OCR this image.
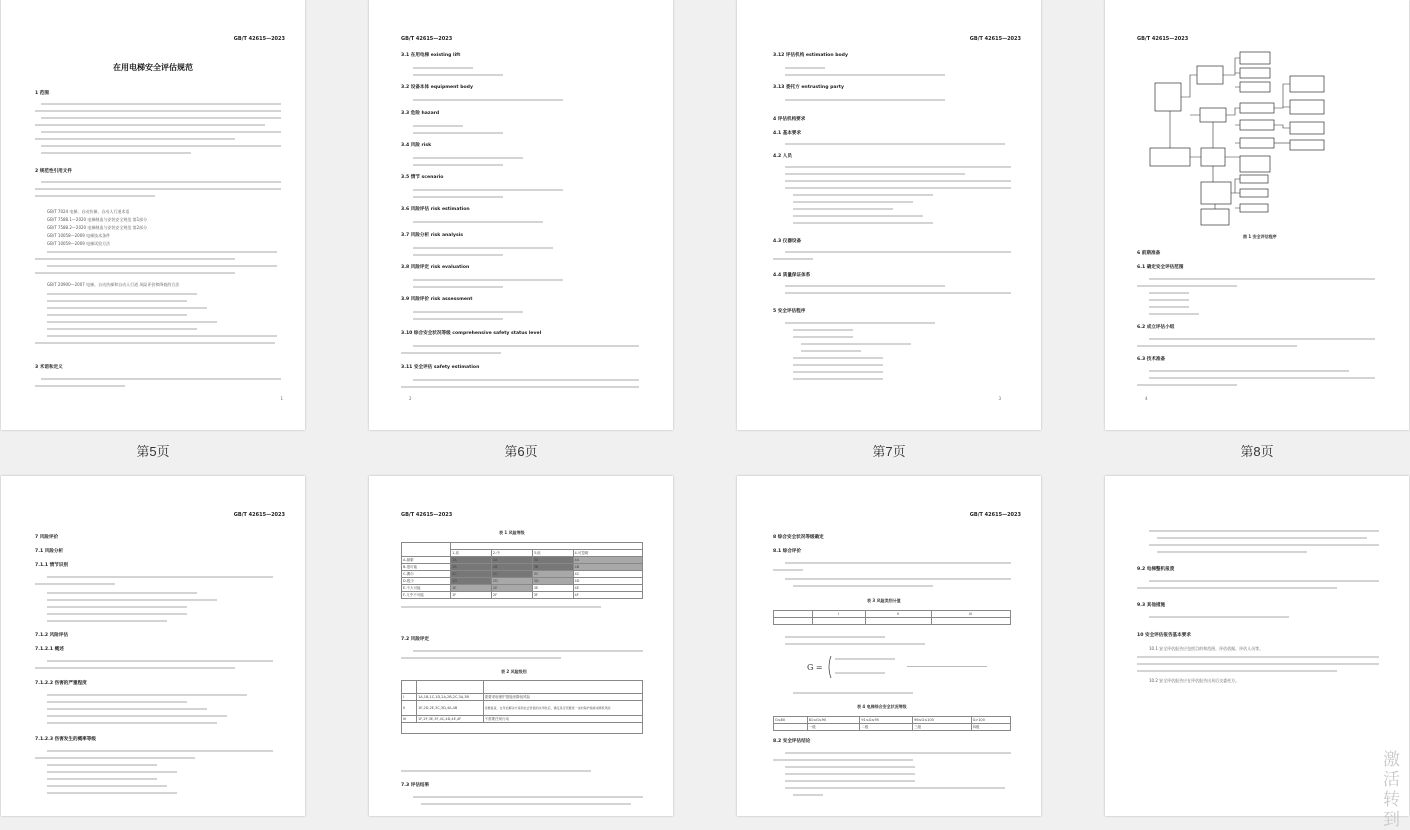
GB/T 42615—2023
在用电梯安全评估规范
1 范围
2 规范性引用文件
GB/T 7024 电梯、自动扶梯、自动人行道术语
GB/T 7588.1—2020 电梯制造与安装安全规范 第1部分
GB/T 7588.2—2020 电梯制造与安装安全规范 第2部分
GB/T 10058—2009 电梯技术条件
GB/T 10059—2009 电梯试验方法
GB/T 20900—2007 电梯、自动扶梯和自动人行道 风险评价和降低的方法
3 术语和定义
1
第5页
GB/T 42615—2023
3.1 在用电梯 existing lift
3.2 设备本体 equipment body
3.3 危险 hazard
3.4 风险 risk
3.5 情节 scenario
3.6 风险评估 risk estimation
3.7 风险分析 risk analysis
3.8 风险评定 risk evaluation
3.9 风险评价 risk assessment
3.10 综合安全状况等级 comprehensive safety status level
3.11 安全评估 safety estimation
2
第6页
GB/T 42615—2023
3.12 评估机构 estimation body
3.13 委托方 entrusting party
4 评估机构要求
4.1 基本要求
4.2 人员
4.3 仪器设备
4.4 质量保证体系
5 安全评估程序
3
第7页
GB/T 42615—2023
图 1 安全评估程序
6 前期准备
6.1 确定安全评估范围
6.2 成立评估小组
6.3 技术准备
4
第8页
GB/T 42615—2023
7 风险评价
7.1 风险分析
7.1.1 情节识别
7.1.2 风险评估
7.1.2.1 概述
7.1.2.2 伤害的严重程度
7.1.2.3 伤害发生的概率等级
GB/T 42615—2023
表 1 风险等级

	1-高	2-中	3-低	4-可忽略
A-频繁	1A	2A	3A	4A
B-很可能	1B	2B	3B	4B
C-偶尔	1C	2C	3C	4C
D-极少	1D	2D	3D	4D
E-不大可能	1E	2E	3E	4E
F-几乎不可能	1F	2F	3F	4F
7.2 风险评定
表 2 风险级别

I	1A,1B,1C,1D,2A,2B,2C,3A,3B	需要采取保护措施来降低风险
II	1E,2D,2E,3C,3D,4A,4B	需要复查，在考虑解决方案和社会价值的实用性后，确定是否需要进一步的保护措施来降低风险
III	1F,2F,3E,3F,4C,4D,4E,4F	不需要任何行动

7.3 评估结果
GB/T 42615—2023
8 综合安全状况等级确定
8.1 综合评价
表 3 风险类别分值
	I	II	III

G =
表 4 电梯综合安全状况等级
G≤80	81≤G≤90	91≤G≤95	96≤G≤100	G>100
	一级	二级	三级	四级
8.2 安全评估结论
9.2 电梯整机报废
9.3 其他措施
10 安全评估报告基本要求
10.1 安全评估报告应包括目的和范围、评估依据、评估人员等。
10.2 安全评估报告应在评估报告出具后交委托方。
激活
转到
